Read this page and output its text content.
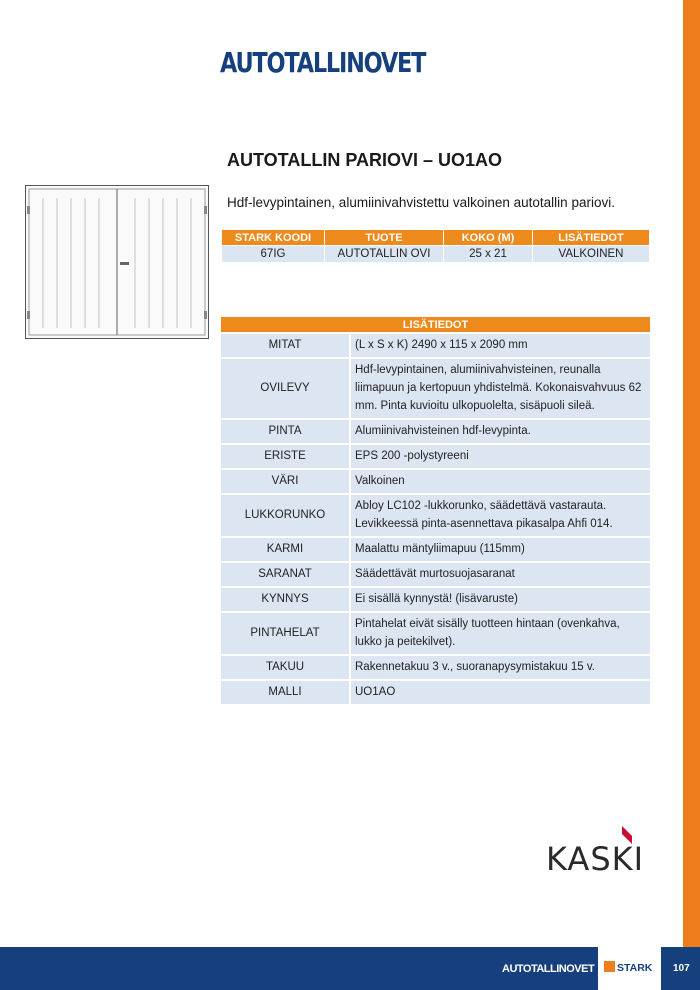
AUTOTALLINOVET
AUTOTALLIN PARIOVI – UO1AO

Hdf-levypintainen, alumiinivahvistettu valkoinen autotallin pariovi.

STARK KOODI	TUOTE	KOKO (M)	LISÄTIEDOT
67IG	AUTOTALLIN OVI	25 x 21	VALKOINEN
LISÄTIEDOT	
MITAT	(L x S x K) 2490 x 115 x 2090 mm
OVILEVY	Hdf-levypintainen, alumiinivahvisteinen, reunalla liimapuun ja kertopuun yhdistelmä. Kokonaisvahvuus 62 mm. Pinta kuvioitu ulkopuolelta, sisäpuoli sileä.
PINTA	Alumiinivahvisteinen hdf-levypinta.
ERISTE	EPS 200 -polystyreeni
VÄRI	Valkoinen
LUKKORUNKO	Abloy LC102 -lukkorunko, säädettävä vastarauta. Levikkeessä pinta-asennettava pikasalpa Ahfi 014.
KARMI	Maalattu mäntyliimapuu (115mm)
SARANAT	Säädettävät murtosuojasaranat
KYNNYS	Ei sisällä kynnystä! (lisävaruste)
PINTAHELAT	Pintahelat eivät sisälly tuotteen hintaan (ovenkahva, lukko ja peitekilvet).
TAKUU	Rakennetakuu 3 v., suoranapysymistakuu 15 v.
MALLI	UO1AO
KASKI
AUTOTALLINOVET STARK 107
